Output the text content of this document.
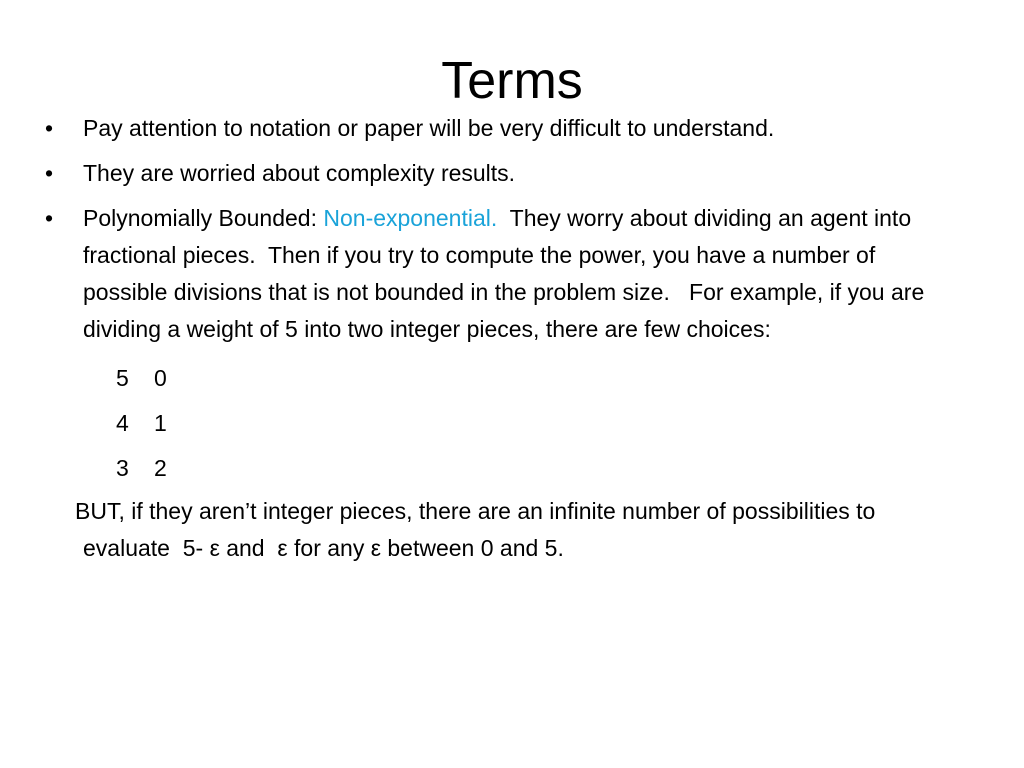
Terms
•	Pay attention to notation or paper will be very difficult to understand.
•	They are worried about complexity results.
•	Polynomially Bounded: Non-exponential.  They worry about dividing an agent into fractional pieces.  Then if you try to compute the power, you have a number of possible divisions that is not bounded in the problem size.   For example, if you are dividing a weight of 5 into two integer pieces, there are few choices:
5 0
4 1
3 2
BUT, if they aren’t integer pieces, there are an infinite number of possibilities to evaluate  5- ε and  ε for any ε between 0 and 5.
